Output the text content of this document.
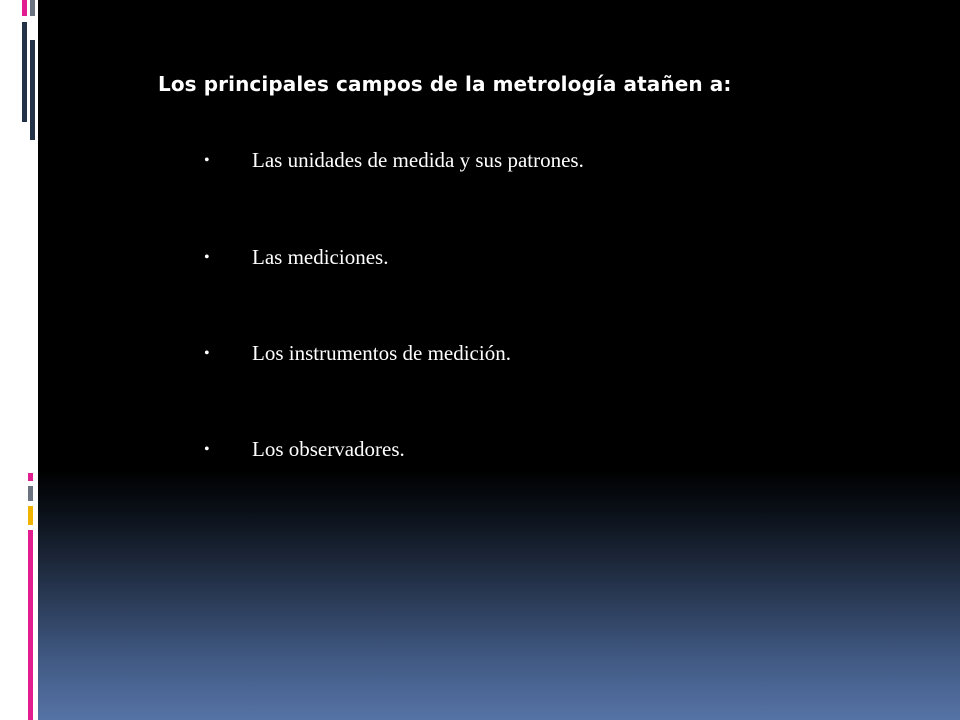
Los principales campos de la metrología atañen a:
• Las unidades de medida y sus patrones.
• Las mediciones.
• Los instrumentos de medición.
• Los observadores.
